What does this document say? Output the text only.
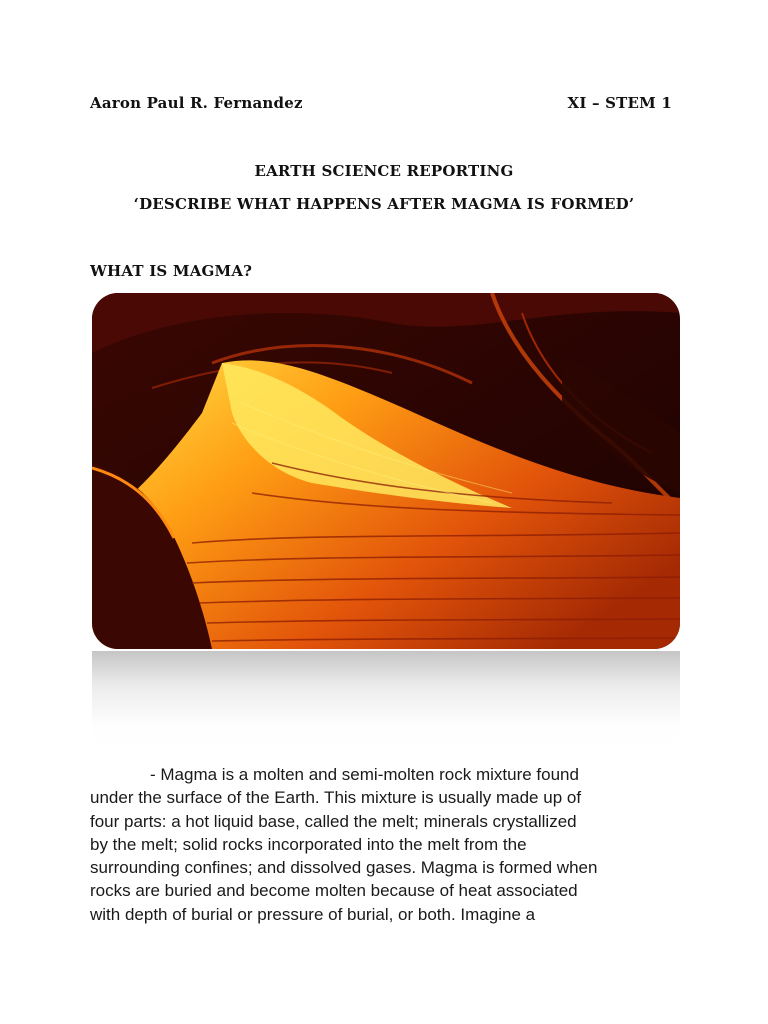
Aaron Paul R. Fernandez	XI – STEM 1
EARTH SCIENCE REPORTING
‘DESCRIBE WHAT HAPPENS AFTER MAGMA IS FORMED’
WHAT IS MAGMA?
- Magma is a molten and semi-molten rock mixture found
under the surface of the Earth. This mixture is usually made up of
four parts: a hot liquid base, called the melt; minerals crystallized
by the melt; solid rocks incorporated into the melt from the
surrounding confines; and dissolved gases. Magma is formed when
rocks are buried and become molten because of heat associated
with depth of burial or pressure of burial, or both. Imagine a
